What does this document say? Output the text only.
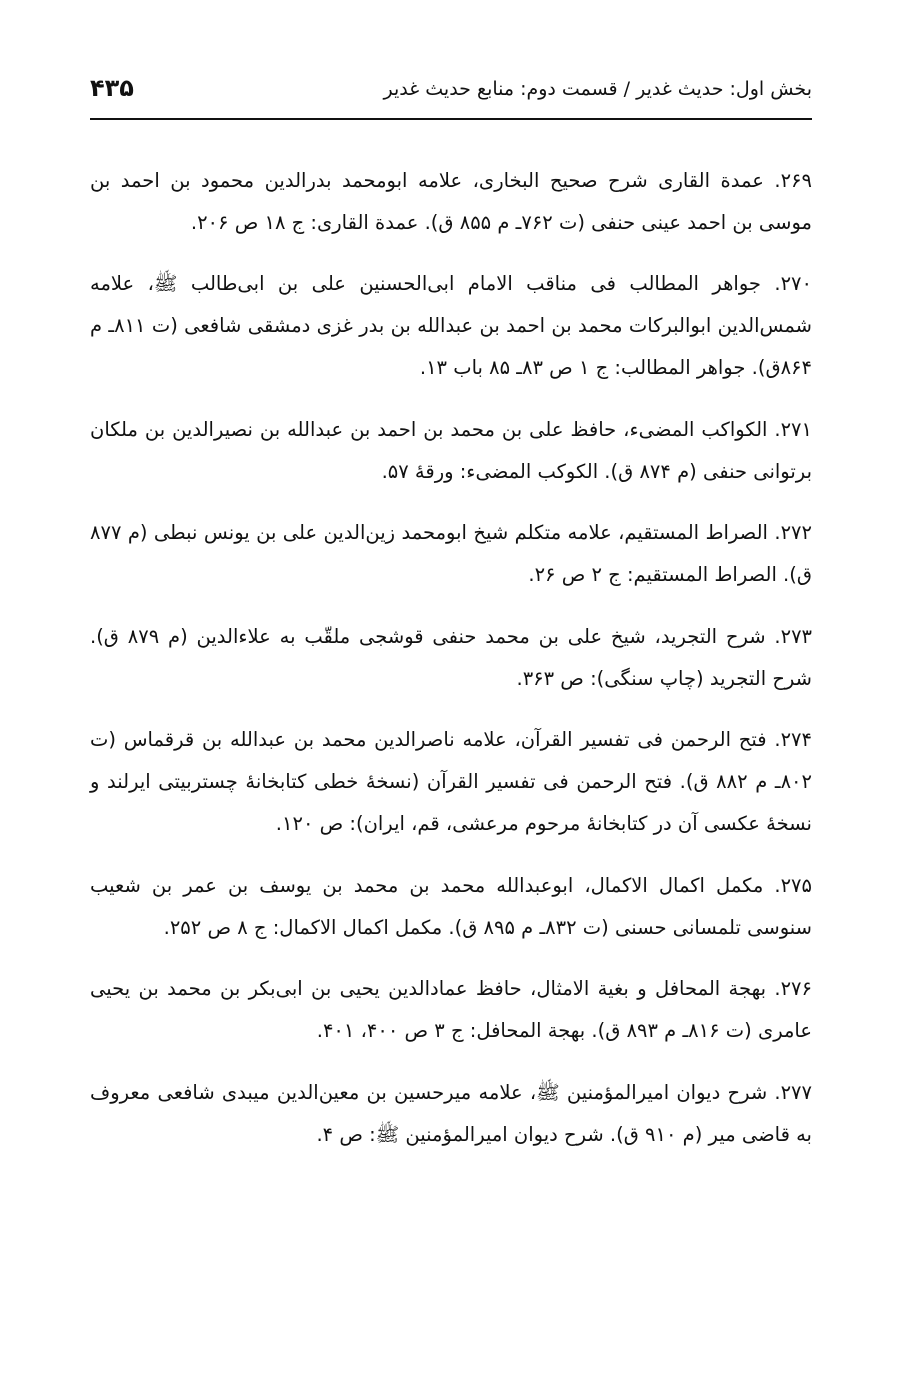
بخش اول: حدیث غدیر / قسمت دوم: منابع حدیث غدیر
۴۳۵

۲۶۹. عمدة القاری شرح صحیح البخاری، علامه ابومحمد بدرالدین محمود بن احمد بن موسی بن احمد عینی حنفی (ت ۷۶۲ـ م ۸۵۵ ق). عمدة القاری: ج ۱۸ ص ۲۰۶.

۲۷۰. جواهر المطالب فی مناقب الامام ابی‌الحسنین علی بن ابی‌طالب ﷺ، علامه شمس‌الدین ابوالبرکات محمد بن احمد بن عبدالله بن بدر غزی دمشقی شافعی (ت ۸۱۱ـ م ۸۶۴ق). جواهر المطالب: ج ۱ ص ۸۳ـ ۸۵ باب ۱۳.

۲۷۱. الکواکب المضیء، حافظ علی بن محمد بن احمد بن عبدالله بن نصیرالدین بن ملکان برتوانی حنفی (م ۸۷۴ ق). الکوکب المضیء: ورقهٔ ۵۷.

۲۷۲. الصراط المستقیم، علامه متکلم شیخ ابومحمد زین‌الدین علی بن یونس نبطی (م ۸۷۷ ق). الصراط المستقیم: ج ۲ ص ۲۶.

۲۷۳. شرح التجرید، شیخ علی بن محمد حنفی قوشجی ملقّب به علاءالدین (م ۸۷۹ ق). شرح التجرید (چاپ سنگی): ص ۳۶۳.

۲۷۴. فتح الرحمن فی تفسیر القرآن، علامه ناصرالدین محمد بن عبدالله بن قرقماس (ت ۸۰۲ـ م ۸۸۲ ق). فتح الرحمن فی تفسیر القرآن (نسخهٔ خطی کتابخانهٔ چستربیتی ایرلند و نسخهٔ عکسی آن در کتابخانهٔ مرحوم مرعشی، قم، ایران): ص ۱۲۰.

۲۷۵. مکمل اکمال الاکمال، ابوعبدالله محمد بن محمد بن یوسف بن عمر بن شعیب سنوسی تلمسانی حسنی (ت ۸۳۲ـ م ۸۹۵ ق). مکمل اکمال الاکمال: ج ۸ ص ۲۵۲.

۲۷۶. بهجة المحافل و بغیة الامثال، حافظ عمادالدین یحیی بن ابی‌بکر بن محمد بن یحیی عامری (ت ۸۱۶ـ م ۸۹۳ ق). بهجة المحافل: ج ۳ ص ۴۰۰، ۴۰۱.

۲۷۷. شرح دیوان امیرالمؤمنین ﷺ، علامه میرحسین بن معین‌الدین میبدی شافعی معروف به قاضی میر (م ۹۱۰ ق). شرح دیوان امیرالمؤمنین ﷺ: ص ۴.
